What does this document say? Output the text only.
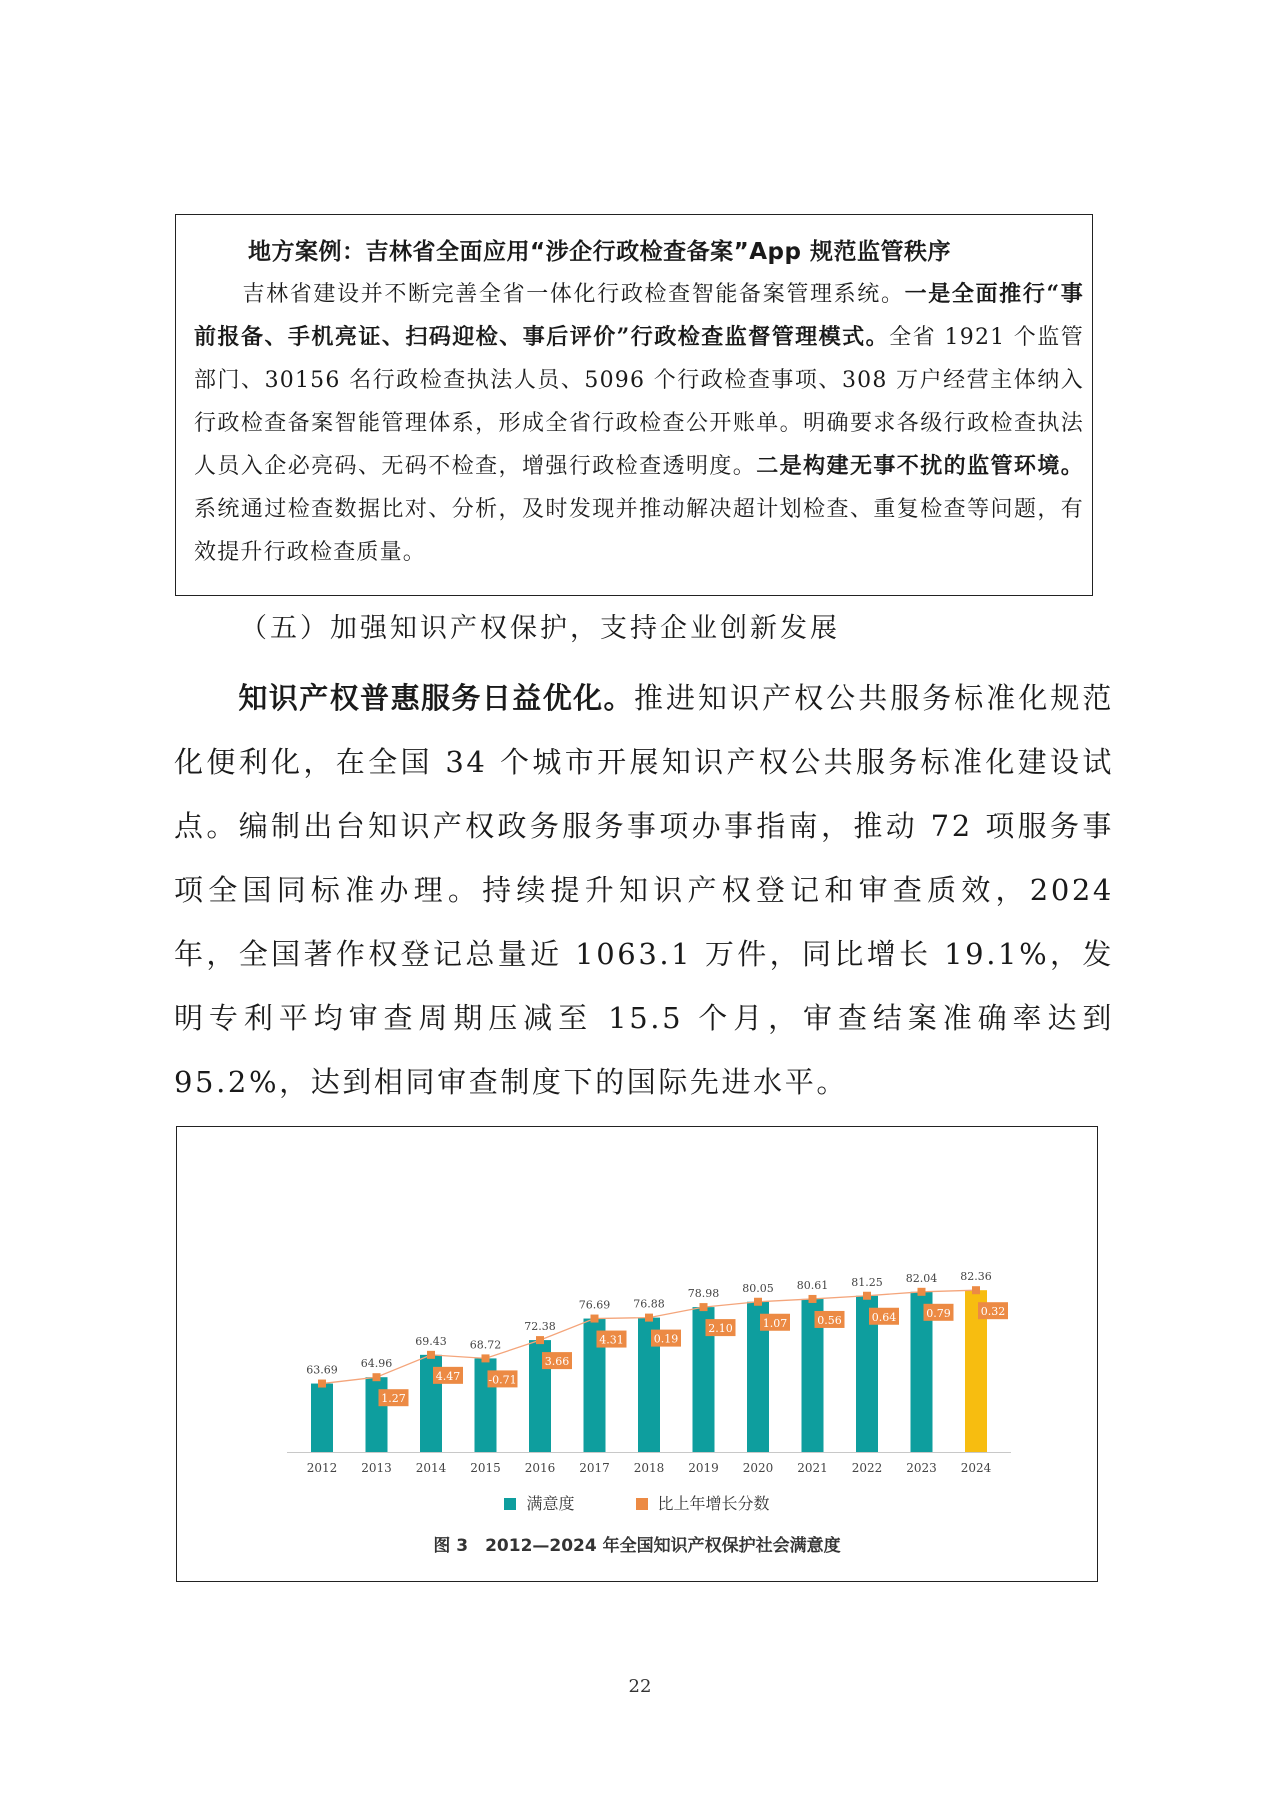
地方案例：吉林省全面应用“涉企行政检查备案”App 规范监管秩序
吉林省建设并不断完善全省一体化行政检查智能备案管理系统。一是全面推行“事前报备、手机亮证、扫码迎检、事后评价”行政检查监督管理模式。全省 1921 个监管部门、30156 名行政检查执法人员、5096 个行政检查事项、308 万户经营主体纳入行政检查备案智能管理体系，形成全省行政检查公开账单。明确要求各级行政检查执法人员入企必亮码、无码不检查，增强行政检查透明度。二是构建无事不扰的监管环境。系统通过检查数据比对、分析，及时发现并推动解决超计划检查、重复检查等问题，有效提升行政检查质量。
（五）加强知识产权保护，支持企业创新发展
知识产权普惠服务日益优化。推进知识产权公共服务标准化规范化便利化，在全国 34 个城市开展知识产权公共服务标准化建设试点。编制出台知识产权政务服务事项办事指南，推动 72 项服务事项全国同标准办理。持续提升知识产权登记和审查质效，2024 年，全国著作权登记总量近 1063.1 万件，同比增长 19.1%，发明专利平均审查周期压减至 15.5 个月，审查结案准确率达到 95.2%，达到相同审查制度下的国际先进水平。
63.69
2012
64.96
1.27
2013
69.43
4.47
2014
68.72
-0.71
2015
72.38
3.66
2016
76.69
4.31
2017
76.88
0.19
2018
78.98
2.10
2019
80.05
1.07
2020
80.61
0.56
2021
81.25
0.64
2022
82.04
0.79
2023
82.36
0.32
2024
满意度	比上年增长分数
图 3　2012—2024 年全国知识产权保护社会满意度
22
